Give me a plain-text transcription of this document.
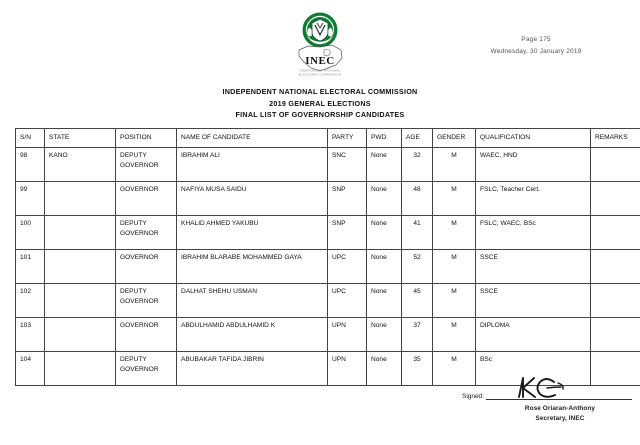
INEC
INDEPENDENT NATIONAL
ELECTORAL COMMISSION
Page 175
Wednesday, 30 January 2019
INDEPENDENT NATIONAL ELECTORAL COMMISSION
2019 GENERAL ELECTIONS
FINAL LIST OF GOVERNORSHIP CANDIDATES
S/N	STATE	POSITION	NAME OF CANDIDATE	PARTY	PWD	AGE	GENDER	QUALIFICATION	REMARKS
98	KANO	DEPUTY GOVERNOR	IBRAHIM ALI	SNC	None	32	M	WAEC, HND	
99		GOVERNOR	NAFIYA MUSA SAIDU	SNP	None	48	M	FSLC, Teacher Cert.	
100		DEPUTY GOVERNOR	KHALID AHMED YAKUBU	SNP	None	41	M	FSLC, WAEC, BSc	
101		GOVERNOR	IBRAHIM BLARABE MOHAMMED GAYA	UPC	None	52	M	SSCE	
102		DEPUTY GOVERNOR	DALHAT SHEHU USMAN	UPC	None	45	M	SSCE	
103		GOVERNOR	ABDULHAMID ABDULHAMID K	UPN	None	37	M	DIPLOMA	
104		DEPUTY GOVERNOR	ABUBAKAR TAFIDA JIBRIN	UPN	None	35	M	BSc	
Signed:
Rose Oriaran-Anthony
Secretary, INEC
